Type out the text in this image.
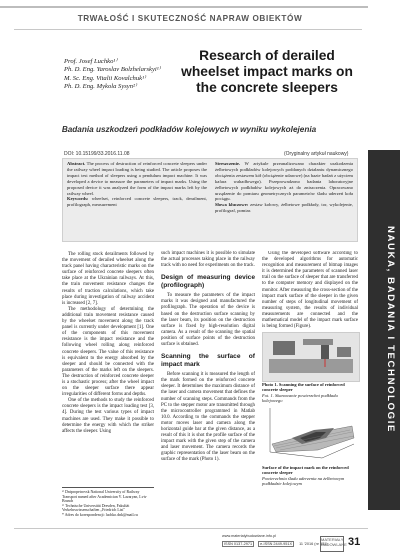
TRWAŁOŚĆ I SKUTECZNOŚĆ NAPRAW OBIEKTÓW
Prof. Josef Luchko¹⁾
Ph. D. Eng. Yaroslav Bolzhelarskyi¹⁾
M. Sc. Eng. Vitalii Kovalchuk¹⁾
Ph. D. Eng. Mykola Sysyn²⁾
Research of derailed wheelset impact marks on the concrete sleepers
Badania uszkodzeń podkładów kolejowych w wyniku wykolejenia
DOI: 10.15199/33.2016.11.08	(Oryginalny artykuł naukowy)
Abstract. The process of destruction of reinforced concrete sleepers under the railway wheel impact loading is being studied. The article proposes the impact test method of sleepers using a pendulum impact machine. It was developed a device to measure the parameters of impact marks. Using the proposed device it was analyzed the form of the impact marks left by the railway wheel.
Keywords: wheelset, reinforced concrete sleepers, track, derailment, profilograph, measurement
Streszczenie. W artykule przeanalizowano charakter uszkodzenia żelbetowych podkładów kolejowych poddanych działaniu dynamicznego obciążenia zestawem kół (obciążenie udarowe) (na bazie badań z użyciem kafara wahadłowego). Przeprowadzono badania laboratoryjne żelbetowych podkładów kolejowych aż do zniszczenia. Opracowano urządzenie do pomiaru geometrycznych parametrów śladu uderzeń koła pociągu.
Słowa kluczowe: zestaw kołowy, żelbetowe podkłady, tor, wykolejenie, profilograf, pomiar.

The rolling stock derailments followed by the movement of derailed wheelset along the track panel having characteristic marks on the surface of reinforced concrete sleepers often take place at the Ukrainian railways. At this, the train movement resistance changes the results of traction calculations, which take place during investigation of railway accident is increased [2, 7].

The methodology of determining the additional train movement resistance caused by the wheelset movement along the track panel is currently under development [1]. One of the components of this movement resistance is the impact resistance and the following wheel rolling along reinforced concrete sleepers. The value of this resistance is equivalent to the energy absorbed by the sleeper and should be connected with the parameters of the marks left on the sleepers. The destruction of reinforced concrete sleeper is a stochastic process; after the wheel impact on the sleeper surface there appear irregularities of different forms and depths.

One of the methods to study the reinforced concrete sleepers is the impact loading test [3, 4]. During the test various types of impact machines are used. They make it possible to determine the energy with which the striker affects the sleeper. Using

such impact machines it is possible to simulate the actual processes taking place in the railway track with no need for experiments on the track.

Design of measuring device (profilograph)

To measure the parameters of the impact marks it was designed and manufactured the profilograph. The operation of the device is based on the destruction surface scanning by the laser beam, its position on the destruction surface is fixed by high-resolution digital camera. As a result of the scanning the spatial position of surface points of the destruction surface is obtained.

Scanning the surface of impact mark

Before scanning it is measured the length of the mark formed on the reinforced concrete sleeper. It determines the maximum distance of the laser and camera movement that defines the number of scanning steps. Commands from the PC to the stepper motor are transmitted through the microcontroller programmed in Matlab 10.0. According to the commands the stepper motor moves laser and camera along the horizontal guide bar at the given distance, as a result of this it is shot the profile surface of the impact mark with the given step of the camera and laser movement. The camera records the graphic representation of the laser beam on the surface of the mark (Photo 1).

Using the developed software according to the developed algorithms for automatic recognition and measurement of bitmap images it is determined the parameters of scanned laser trail on the surface of sleeper that are transferred to the computer memory and displayed on the monitor. After measuring the cross-section of the impact mark surface of the sleeper in the given number of steps of longitudinal movement of measuring system, the results of individual measurements are connected and the mathematical model of the impact mark surface is being formed (Figure).

Photo 1. Scanning the surface of reinforced concrete sleeper
Fot. 1. Skanowanie powierzchni podkładu kolejowego
Surface of the impact mark on the reinforced concrete sleeper
Powierzchnia śladu uderzenia na żelbetowym podkładzie kolejowym
¹⁾ Dnipropetrovsk National University of Railway Transport named after Academician V. Lazaryan, Lviv Branch
²⁾ Technische Universität Dresden, Fakultät Verkehrswissenschaften „Friedrich List"
* Adres do korespondencji: luchko.dnk@mail.ru
NAUKA, BADANIA I TECHNOLOGIE
www.materialybudowlane.info.pl
ISSN 0137-2971 e-ISSN 2449-951X 11 '2016 (nr 531)
MATERIAŁY BUDOWLANE 31
